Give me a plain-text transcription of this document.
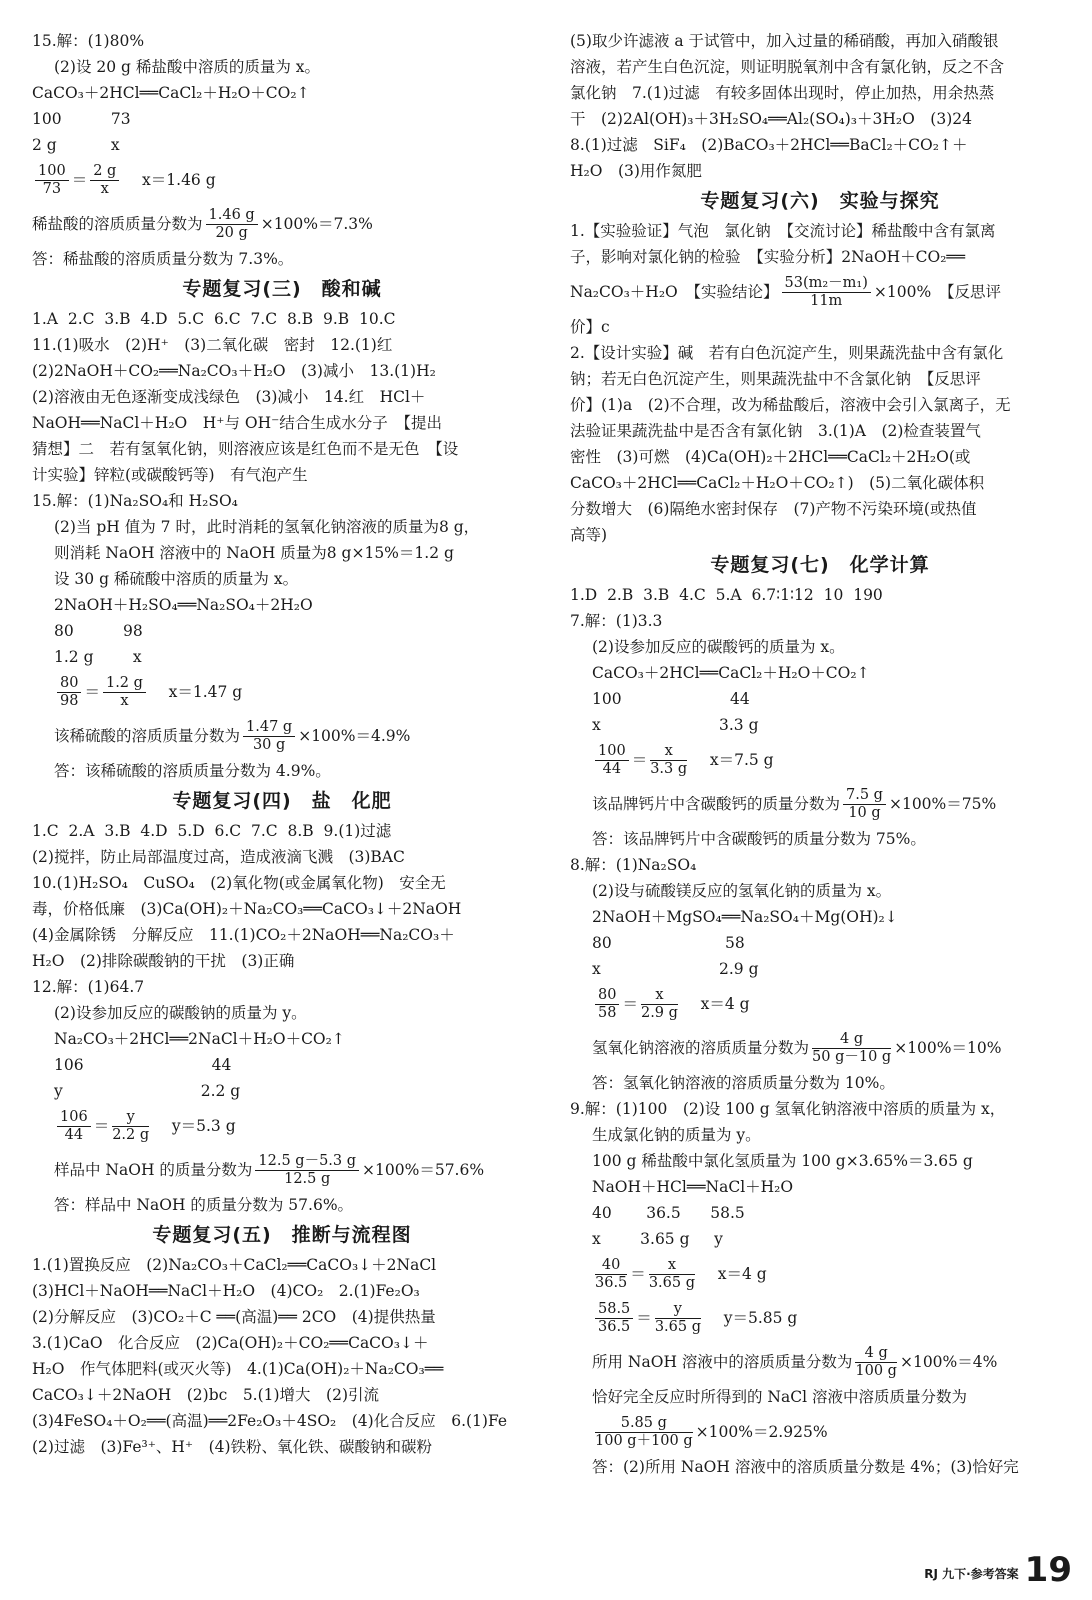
15.解：(1)80%
(2)设 20 g 稀盐酸中溶质的质量为 x。
CaCO₃＋2HCl══CaCl₂＋H₂O＋CO₂↑
100          73
2 g           x
$\frac{100}{73} = \frac{2 g}{x} x=1.46$ g
稀盐酸的溶质质量分数为 $\frac{1.46 g}{20 g} \times 100\%=7.3\%$
答：稀盐酸的溶质质量分数为 7.3%。
专题复习(三)　酸和碱
1.A  2.C  3.B  4.D  5.C  6.C  7.C  8.B  9.B  10.C
11.(1)吸水　(2)H⁺　(3)二氧化碳　密封　12.(1)红
(2)2NaOH＋CO₂══Na₂CO₃＋H₂O　(3)减小　13.(1)H₂
(2)溶液由无色逐渐变成浅绿色　(3)减小　14.红　HCl＋
NaOH══NaCl＋H₂O　H⁺与 OH⁻结合生成水分子　【提出
猜想】二　若有氢氧化钠，则溶液应该是红色而不是无色　【设
计实验】锌粒(或碳酸钙等)　有气泡产生
15.解：(1)Na₂SO₄和 H₂SO₄
(2)当 pH 值为 7 时，此时消耗的氢氧化钠溶液的质量为8 g，
则消耗 NaOH 溶液中的 NaOH 质量为8 g×15%＝1.2 g
设 30 g 稀硫酸中溶质的质量为 x。
2NaOH＋H₂SO₄══Na₂SO₄＋2H₂O
80          98
1.2 g        x
$\frac{80}{98} = \frac{1.2 g}{x} x=1.47$ g
该稀硫酸的溶质质量分数为 $\frac{1.47 g}{30 g} \times 100\%=4.9\%$
答：该稀硫酸的溶质质量分数为 4.9%。
专题复习(四)　盐　化肥
1.C  2.A  3.B  4.D  5.D  6.C  7.C  8.B  9.(1)过滤
(2)搅拌，防止局部温度过高，造成液滴飞溅　(3)BAC
10.(1)H₂SO₄　CuSO₄　(2)氧化物(或金属氧化物)　安全无
毒，价格低廉　(3)Ca(OH)₂＋Na₂CO₃══CaCO₃↓＋2NaOH
(4)金属除锈　分解反应　11.(1)CO₂＋2NaOH══Na₂CO₃＋
H₂O　(2)排除碳酸钠的干扰　(3)正确
12.解：(1)64.7
(2)设参加反应的碳酸钠的质量为 y。
Na₂CO₃＋2HCl══2NaCl＋H₂O＋CO₂↑
106                          44
y                            2.2 g
$\frac{106}{44} = \frac{y}{2.2 g} y=5.3$ g
样品中 NaOH 的质量分数为 $\frac{12.5 g-5.3 g}{12.5 g} \times 100\%=57.6\%$
答：样品中 NaOH 的质量分数为 57.6%。
专题复习(五)　推断与流程图
1.(1)置换反应　(2)Na₂CO₃＋CaCl₂══CaCO₃↓＋2NaCl
(3)HCl＋NaOH══NaCl＋H₂O　(4)CO₂　2.(1)Fe₂O₃
(2)分解反应　(3)CO₂＋C ══(高温)══ 2CO　(4)提供热量
3.(1)CaO　化合反应　(2)Ca(OH)₂＋CO₂══CaCO₃↓＋
H₂O　作气体肥料(或灭火等)　4.(1)Ca(OH)₂＋Na₂CO₃══
CaCO₃↓＋2NaOH　(2)bc　5.(1)增大　(2)引流
(3)4FeSO₄＋O₂══(高温)══2Fe₂O₃＋4SO₂　(4)化合反应　6.(1)Fe
(2)过滤　(3)Fe³⁺、H⁺　(4)铁粉、氧化铁、碳酸钠和碳粉
(5)取少许滤液 a 于试管中，加入过量的稀硝酸，再加入硝酸银
溶液，若产生白色沉淀，则证明脱氧剂中含有氯化钠，反之不含
氯化钠　7.(1)过滤　有较多固体出现时，停止加热，用余热蒸
干　(2)2Al(OH)₃＋3H₂SO₄══Al₂(SO₄)₃＋3H₂O　(3)24
8.(1)过滤　SiF₄　(2)BaCO₃＋2HCl══BaCl₂＋CO₂↑＋
H₂O　(3)用作氮肥
专题复习(六)　实验与探究
1.【实验验证】气泡　氯化钠　【交流讨论】稀盐酸中含有氯离
子，影响对氯化钠的检验　【实验分析】2NaOH＋CO₂══
Na₂CO₃＋H₂O　【实验结论】 $\frac{\text{53(m₂－m₁)}}{11m} \times 100\%$　【反思评
价】c
2.【设计实验】碱　若有白色沉淀产生，则果蔬洗盐中含有氯化
钠；若无白色沉淀产生，则果蔬洗盐中不含氯化钠　【反思评
价】(1)a　(2)不合理，改为稀盐酸后，溶液中会引入氯离子，无
法验证果蔬洗盐中是否含有氯化钠　3.(1)A　(2)检查装置气
密性　(3)可燃　(4)Ca(OH)₂＋2HCl══CaCl₂＋2H₂O(或
CaCO₃＋2HCl══CaCl₂＋H₂O＋CO₂↑)　(5)二氧化碳体积
分数增大　(6)隔绝水密封保存　(7)产物不污染环境(或热值
高等)
专题复习(七)　化学计算
1.D  2.B  3.B  4.C  5.A  6.7∶1∶12  10  190
7.解：(1)3.3
(2)设参加反应的碳酸钙的质量为 x。
CaCO₃＋2HCl══CaCl₂＋H₂O＋CO₂↑
100                      44
x                        3.3 g
$\frac{100}{44} = \frac{x}{3.3 g} x=7.5$ g
该品牌钙片中含碳酸钙的质量分数为 $\frac{7.5 g}{10 g} \times 100\%=75\%$
答：该品牌钙片中含碳酸钙的质量分数为 75%。
8.解：(1)Na₂SO₄
(2)设与硫酸镁反应的氢氧化钠的质量为 x。
2NaOH＋MgSO₄══Na₂SO₄＋Mg(OH)₂↓
80                       58
x                        2.9 g
$\frac{80}{58} = \frac{x}{2.9 g} x=4$ g
氢氧化钠溶液的溶质质量分数为 $\frac{4 g}{50 g-10 g} \times 100\%=10\%$
答：氢氧化钠溶液的溶质质量分数为 10%。
9.解：(1)100　(2)设 100 g 氢氧化钠溶液中溶质的质量为 x，
生成氯化钠的质量为 y。
100 g 稀盐酸中氯化氢质量为 100 g×3.65%＝3.65 g
NaOH＋HCl══NaCl＋H₂O
40       36.5      58.5
x        3.65 g     y
$\frac{40}{36.5} = \frac{x}{3.65 g} x=4$ g
$\frac{58.5}{36.5} = \frac{y}{3.65 g} y=5.85$ g
所用 NaOH 溶液中的溶质质量分数为 $\frac{4 g}{100 g} \times 100\%=4\%$
恰好完全反应时所得到的 NaCl 溶液中溶质质量分数为
$\frac{5.85 g}{100 g+100 g} \times 100\%=2.925\%$
答：(2)所用 NaOH 溶液中的溶质质量分数是 4%；(3)恰好完
RJ 九下·参考答案 19
